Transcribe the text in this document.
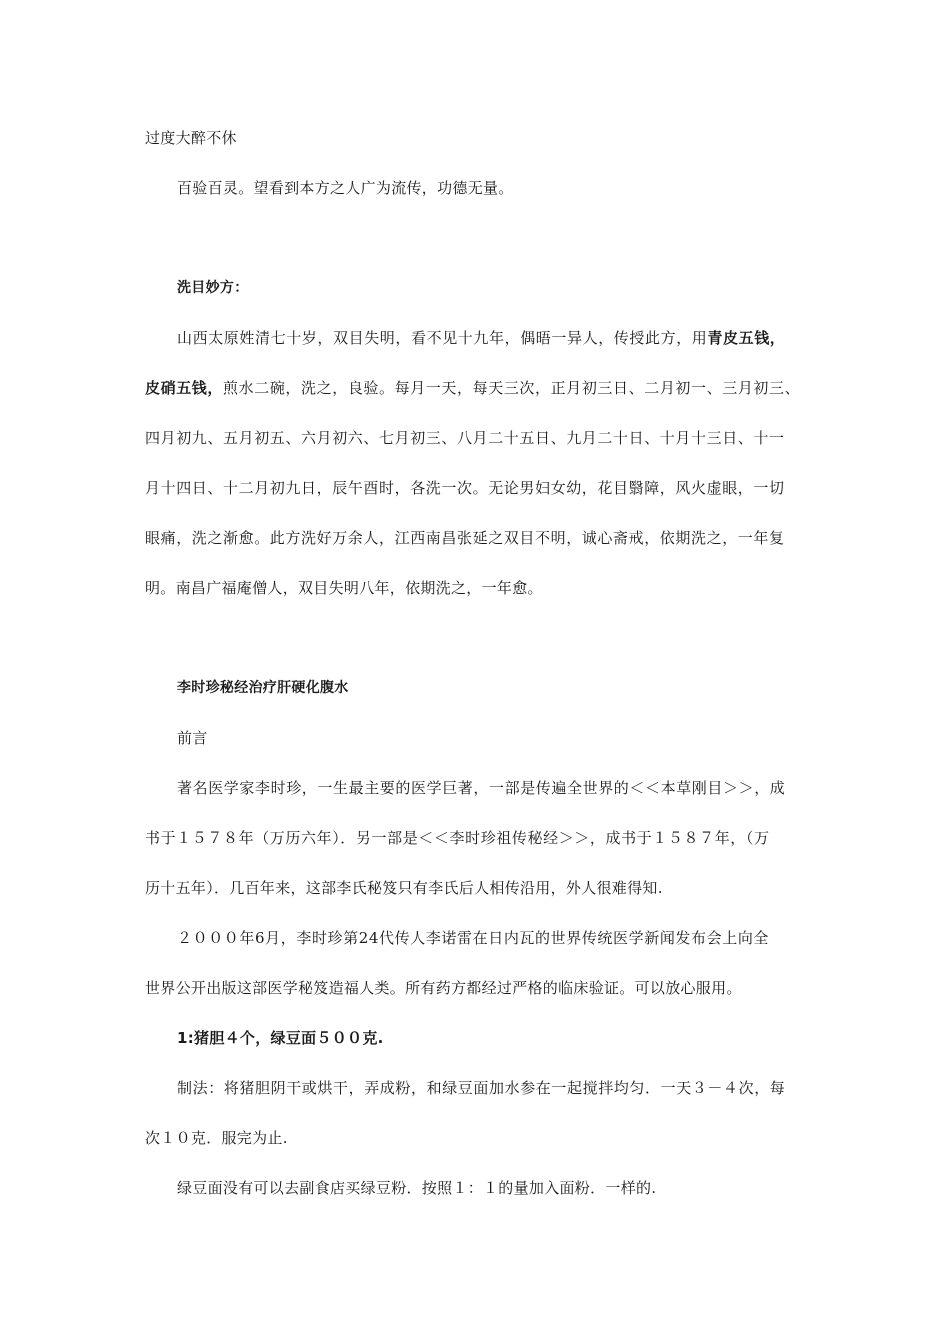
过度大醉不休
百验百灵。望看到本方之人广为流传，功德无量。
洗目妙方：
山西太原姓清七十岁，双目失明，看不见十九年，偶晤一异人，传授此方，用青皮五钱，
皮硝五钱，煎水二碗，洗之，良验。每月一天，每天三次，正月初三日、二月初一、三月初三、
四月初九、五月初五、六月初六、七月初三、八月二十五日、九月二十日、十月十三日、十一
月十四日、十二月初九日，辰午酉时，各洗一次。无论男妇女幼，花目翳障，风火虚眼，一切
眼痛，洗之渐愈。此方洗好万余人，江西南昌张延之双目不明，诚心斋戒，依期洗之，一年复
明。南昌广福庵僧人，双目失明八年，依期洗之，一年愈。
李时珍秘经治疗肝硬化腹水
前言
著名医学家李时珍，一生最主要的医学巨著，一部是传遍全世界的＜＜本草刚目＞＞，成
书于１５７８年（万历六年）．另一部是＜＜李时珍祖传秘经＞＞，成书于１５８７年，（万
历十五年）．几百年来，这部李氏秘笈只有李氏后人相传沿用，外人很难得知.
２０００年6月，李时珍第24代传人李诺雷在日内瓦的世界传统医学新闻发布会上向全
世界公开出版这部医学秘笈造福人类。所有药方都经过严格的临床验证。可以放心服用。
1:猪胆４个，绿豆面５００克.
制法：将猪胆阴干或烘干，弄成粉，和绿豆面加水参在一起搅拌均匀．一天３－４次，每
次１０克．服完为止.
绿豆面没有可以去副食店买绿豆粉．按照１：１的量加入面粉．一样的.
